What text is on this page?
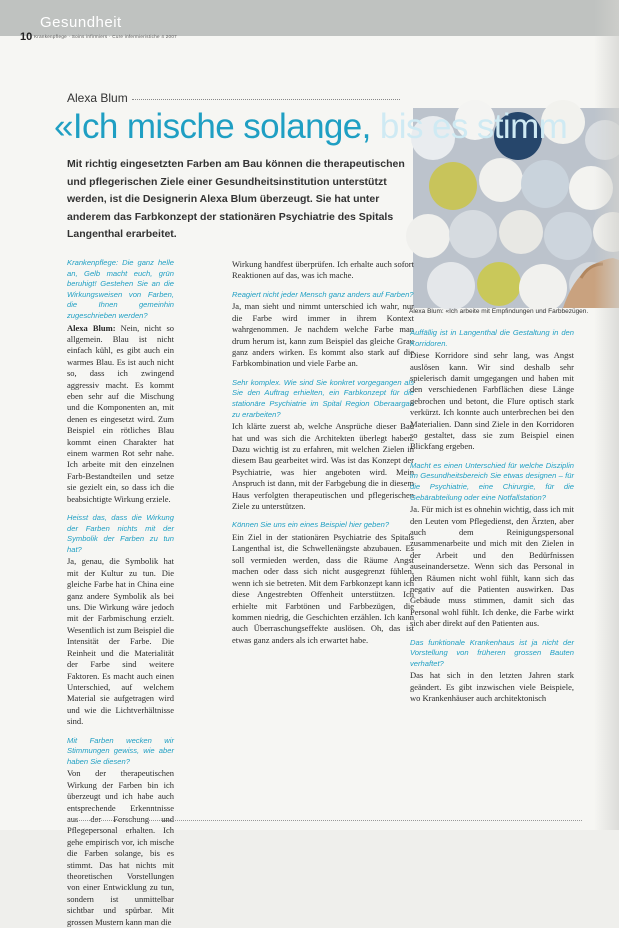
Gesundheit
10 Krankenpflege · Soins infirmiers · Cure infermieristiche 4 2007
Alexa Blum
Alexa Blum: «Ich arbeite mit Empfindungen und Farbbezügen.
«Ich mische solange, bis es stimm

Mit richtig eingesetzten Farben am Bau können die therapeutischen und pflegerischen Ziele einer Gesundheitsinstitution unterstützt werden, ist die Designerin Alexa Blum überzeugt. Sie hat unter anderem das Farbkonzept der stationären Psychiatrie des Spitals Langenthal erarbeitet.

Krankenpflege: Die ganz helle an, Gelb macht euch, grün beruhigt! Gestehen Sie an die Wirkungsweisen von Farben, die Ihnen gemeinhin zugeschrieben werden?

Alexa Blum: Nein, nicht so allgemein. Blau ist nicht einfach kühl, es gibt auch ein warmes Blau. Es ist auch nicht so, dass ich zwingend aggressiv macht. Es kommt eben sehr auf die Mischung und die Komponenten an, mit denen es eingesetzt wird. Zum Beispiel ein rötliches Blau kommt einen Charakter hat einem warmen Rot sehr nahe. Ich arbeite mit den einzelnen Farb-Bestandteilen und setze sie gezielt ein, so dass ich die beabsichtigte Wirkung erziele.

Heisst das, dass die Wirkung der Farben nichts mit der Symbolik der Farben zu tun hat?

Ja, genau, die Symbolik hat mit der Kultur zu tun. Die gleiche Farbe hat in China eine ganz andere Symbolik als bei uns. Die Wirkung wäre jedoch mit der Farbmischung erzielt. Wesentlich ist zum Beispiel die Intensität der Farbe. Die Reinheit und die Materialität der Farbe sind weitere Faktoren. Es macht auch einen Unterschied, auf welchem Material sie aufgetragen wird und wie die Lichtverhältnisse sind.

Mit Farben wecken wir Stimmungen gewiss, wie aber haben Sie diesen?

Von der therapeutischen Wirkung der Farben bin ich überzeugt und ich habe auch entsprechende Erkenntnisse aus der Forschung und Pflegepersonal erhalten. Ich gehe empirisch vor, ich mische die Farben solange, bis es stimmt. Das hat nichts mit theoretischen Vorstellungen von einer Entwicklung zu tun, sondern ist unmittelbar sichtbar und spürbar. Mit grossen Mustern kann man die

Wirkung handfest überprüfen. Ich erhalte auch sofort Reaktionen auf das, was ich mache.

Reagiert nicht jeder Mensch ganz anders auf Farben?

Ja, man sieht und nimmt unterschied ich wahr, nur die Farbe wird immer in ihrem Kontext wahrgenommen. Je nachdem welche Farbe man drum herum ist, kann zum Beispiel das gleiche Grau ganz anders wirken. Es kommt also stark auf die Farbkombination und viele Farbe an.

Sehr komplex. Wie sind Sie konkret vorgegangen als Sie den Auftrag erhielten, ein Farbkonzept für die stationäre Psychiatrie im Spital Region Oberaargau zu erarbeiten?

Ich klärte zuerst ab, welche Ansprüche dieser Bau hat und was sich die Architekten überlegt haben. Dazu wichtig ist zu erfahren, mit welchen Zielen in diesem Bau gearbeitet wird. Was ist das Konzept der Psychiatrie, was hier angeboten wird. Mein Anspruch ist dann, mit der Farbgebung die in diesem Haus verfolgten therapeutischen und pflegerischen Ziele zu unterstützen.

Können Sie uns ein eines Beispiel hier geben?

Ein Ziel in der stationären Psychiatrie des Spitals Langenthal ist, die Schwellenängste abzubauen. Es soll vermieden werden, dass die Räume Angst machen oder dass sich nicht ausgegrenzt fühlen, wenn ich sie betreten. Mit dem Farbkonzept kann ich diese Angestrebten Offenheit unterstützen. Ich erhielte mit Farbtönen und Farbbezügen, die kommen niedrig, die Geschichten erzählen. Ich kann auch Überraschungseffekte auslösen. Oh, das ist etwas ganz anders als ich erwartet habe.

Auffällig ist in Langenthal die Gestaltung in den Korridoren.

Diese Korridore sind sehr lang, was Angst auslösen kann. Wir sind deshalb sehr spielerisch damit umgegangen und haben mit den verschiedenen Farbflächen diese Länge gebrochen und betont, die Flure optisch stark verkürzt. Ich konnte auch unterbrechen bei den Materialien. Dann sind Ziele in den Korridoren so gestaltet, dass sie zum Beispiel einen Blickfang ergeben.

Macht es einen Unterschied für welche Disziplin im Gesundheitsbereich Sie etwas designen – für die Psychiatrie, eine Chirurgie, für die Gebärabteilung oder eine Notfallstation?

Ja. Für mich ist es ohnehin wichtig, dass ich mit den Leuten vom Pflegedienst, den Ärzten, aber auch dem Reinigungspersonal zusammenarbeite und mich mit den Zielen in der Arbeit und den Bedürfnissen auseinandersetze. Wenn sich das Personal in den Räumen nicht wohl fühlt, kann sich das negativ auf die Patienten auswirken. Das Gebäude muss stimmen, damit sich das Personal wohl fühlt. Ich denke, die Farbe wirkt sich aber direkt auf den Patienten aus.

Das funktionale Krankenhaus ist ja nicht der Vorstellung von früheren grossen Bauten verhaftet?

Das hat sich in den letzten Jahren stark geändert. Es gibt inzwischen viele Beispiele, wo Krankenhäuser auch architektonisch
